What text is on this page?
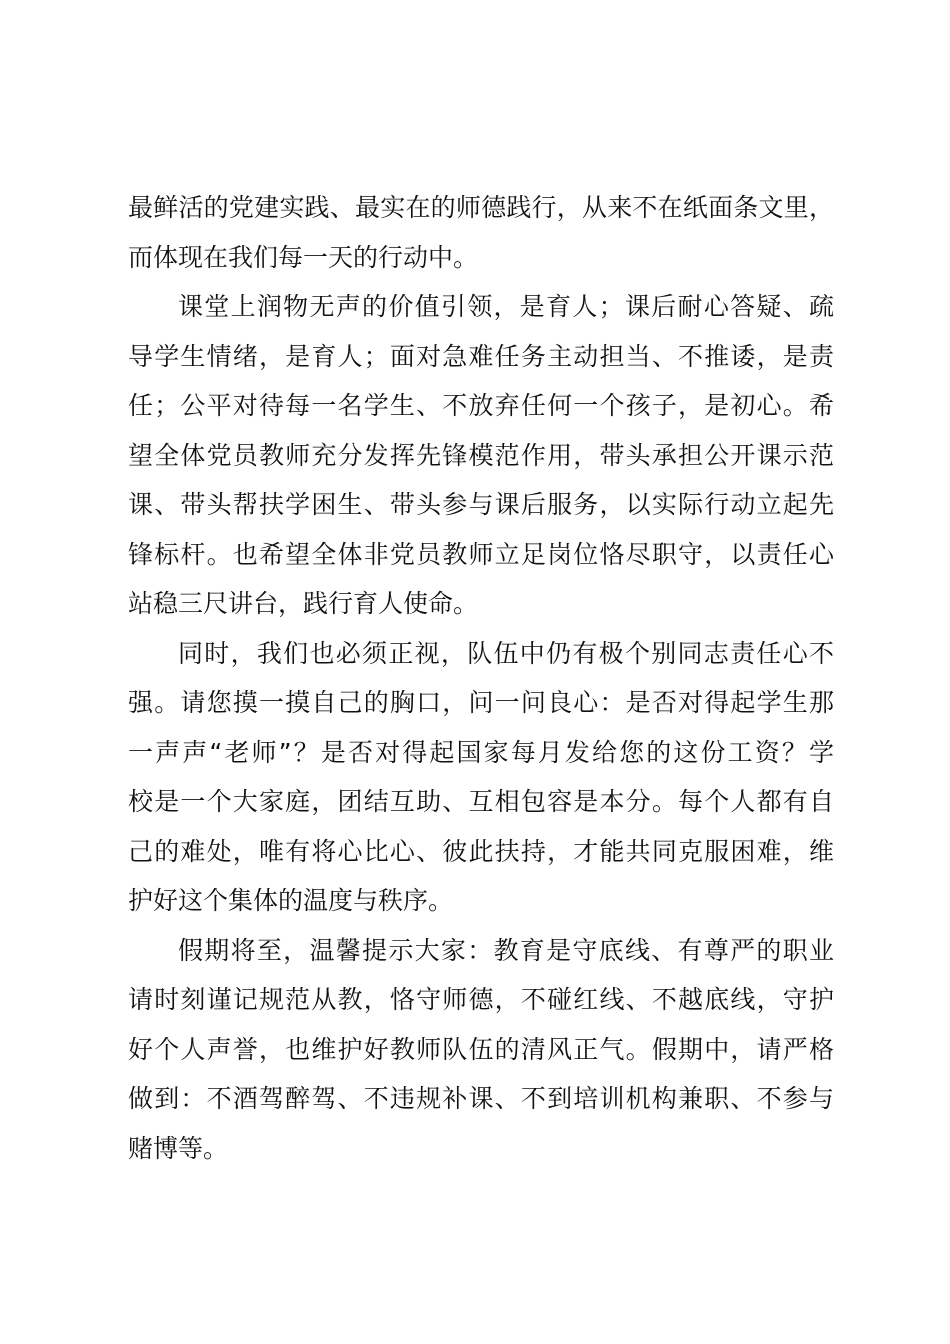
最鲜活的党建实践、最实在的师德践行，从来不在纸面条文里，
而体现在我们每一天的行动中。
课堂上润物无声的价值引领，是育人；课后耐心答疑、疏
导学生情绪，是育人；面对急难任务主动担当、不推诿，是责
任；公平对待每一名学生、不放弃任何一个孩子，是初心。希
望全体党员教师充分发挥先锋模范作用，带头承担公开课示范
课、带头帮扶学困生、带头参与课后服务，以实际行动立起先
锋标杆。也希望全体非党员教师立足岗位恪尽职守，以责任心
站稳三尺讲台，践行育人使命。
同时，我们也必须正视，队伍中仍有极个别同志责任心不
强。请您摸一摸自己的胸口，问一问良心：是否对得起学生那
一声声“老师”？是否对得起国家每月发给您的这份工资？学
校是一个大家庭，团结互助、互相包容是本分。每个人都有自
己的难处，唯有将心比心、彼此扶持，才能共同克服困难，维
护好这个集体的温度与秩序。
假期将至，温馨提示大家：教育是守底线、有尊严的职业
请时刻谨记规范从教，恪守师德，不碰红线、不越底线，守护
好个人声誉，也维护好教师队伍的清风正气。假期中，请严格
做到：不酒驾醉驾、不违规补课、不到培训机构兼职、不参与
赌博等。
